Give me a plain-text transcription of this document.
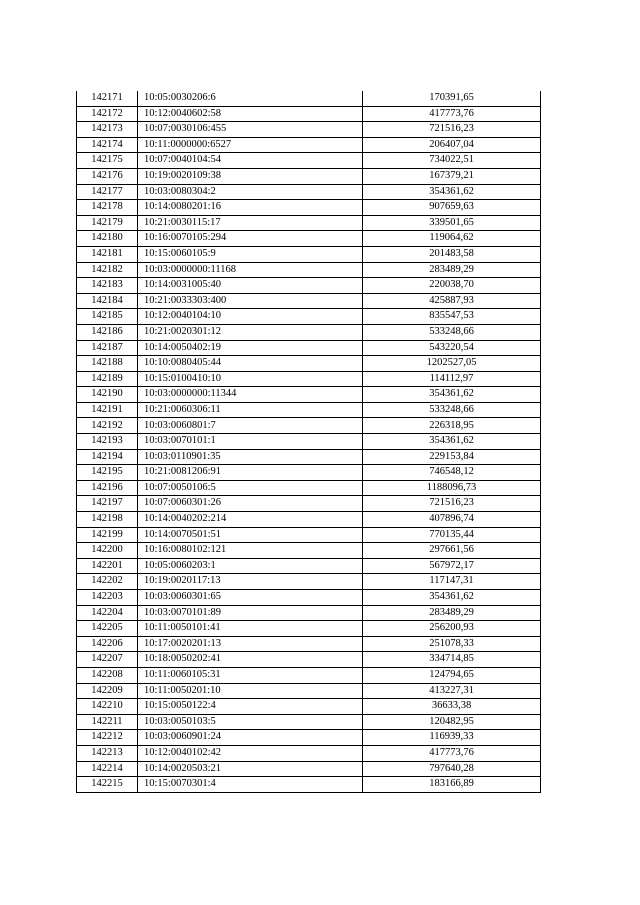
142171	10:05:0030206:6	170391,65
142172	10:12:0040602:58	417773,76
142173	10:07:0030106:455	721516,23
142174	10:11:0000000:6527	206407,04
142175	10:07:0040104:54	734022,51
142176	10:19:0020109:38	167379,21
142177	10:03:0080304:2	354361,62
142178	10:14:0080201:16	907659,63
142179	10:21:0030115:17	339501,65
142180	10:16:0070105:294	119064,62
142181	10:15:0060105:9	201483,58
142182	10:03:0000000:11168	283489,29
142183	10:14:0031005:40	220038,70
142184	10:21:0033303:400	425887,93
142185	10:12:0040104:10	835547,53
142186	10:21:0020301:12	533248,66
142187	10:14:0050402:19	543220,54
142188	10:10:0080405:44	1202527,05
142189	10:15:0100410:10	114112,97
142190	10:03:0000000:11344	354361,62
142191	10:21:0060306:11	533248,66
142192	10:03:0060801:7	226318,95
142193	10:03:0070101:1	354361,62
142194	10:03:0110901:35	229153,84
142195	10:21:0081206:91	746548,12
142196	10:07:0050106:5	1188096,73
142197	10:07:0060301:26	721516,23
142198	10:14:0040202:214	407896,74
142199	10:14:0070501:51	770135,44
142200	10:16:0080102:121	297661,56
142201	10:05:0060203:1	567972,17
142202	10:19:0020117:13	117147,31
142203	10:03:0060301:65	354361,62
142204	10:03:0070101:89	283489,29
142205	10:11:0050101:41	256200,93
142206	10:17:0020201:13	251078,33
142207	10:18:0050202:41	334714,85
142208	10:11:0060105:31	124794,65
142209	10:11:0050201:10	413227,31
142210	10:15:0050122:4	36633,38
142211	10:03:0050103:5	120482,95
142212	10:03:0060901:24	116939,33
142213	10:12:0040102:42	417773,76
142214	10:14:0020503:21	797640,28
142215	10:15:0070301:4	183166,89
